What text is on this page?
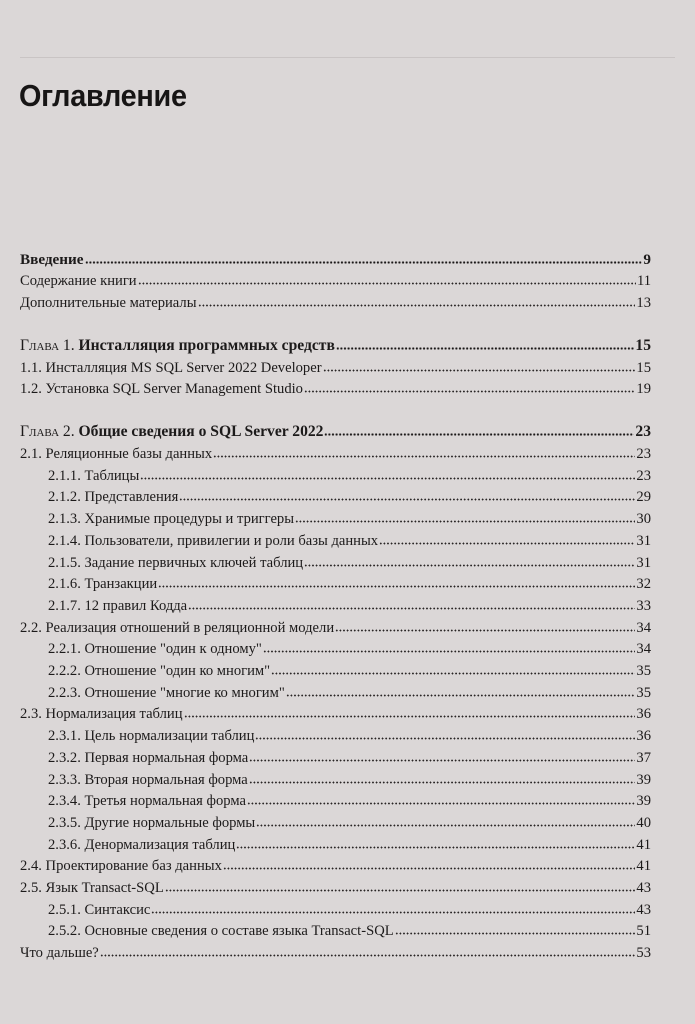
Оглавление
Введение	9
Содержание книги	11
Дополнительные материалы	13
Глава 1. Инсталляция программных средств	15
1.1. Инсталляция MS SQL Server 2022 Developer	15
1.2. Установка SQL Server Management Studio	19
Глава 2. Общие сведения о SQL Server 2022	23
2.1. Реляционные базы данных	23
2.1.1. Таблицы	23
2.1.2. Представления	29
2.1.3. Хранимые процедуры и триггеры	30
2.1.4. Пользователи, привилегии и роли базы данных	31
2.1.5. Задание первичных ключей таблиц	31
2.1.6. Транзакции	32
2.1.7. 12 правил Кодда	33
2.2. Реализация отношений в реляционной модели	34
2.2.1. Отношение "один к одному"	34
2.2.2. Отношение "один ко многим"	35
2.2.3. Отношение "многие ко многим"	35
2.3. Нормализация таблиц	36
2.3.1. Цель нормализации таблиц	36
2.3.2. Первая нормальная форма	37
2.3.3. Вторая нормальная форма	39
2.3.4. Третья нормальная форма	39
2.3.5. Другие нормальные формы	40
2.3.6. Денормализация таблиц	41
2.4. Проектирование баз данных	41
2.5. Язык Transact-SQL	43
2.5.1. Синтаксис	43
2.5.2. Основные сведения о составе языка Transact-SQL	51
Что дальше?	53
